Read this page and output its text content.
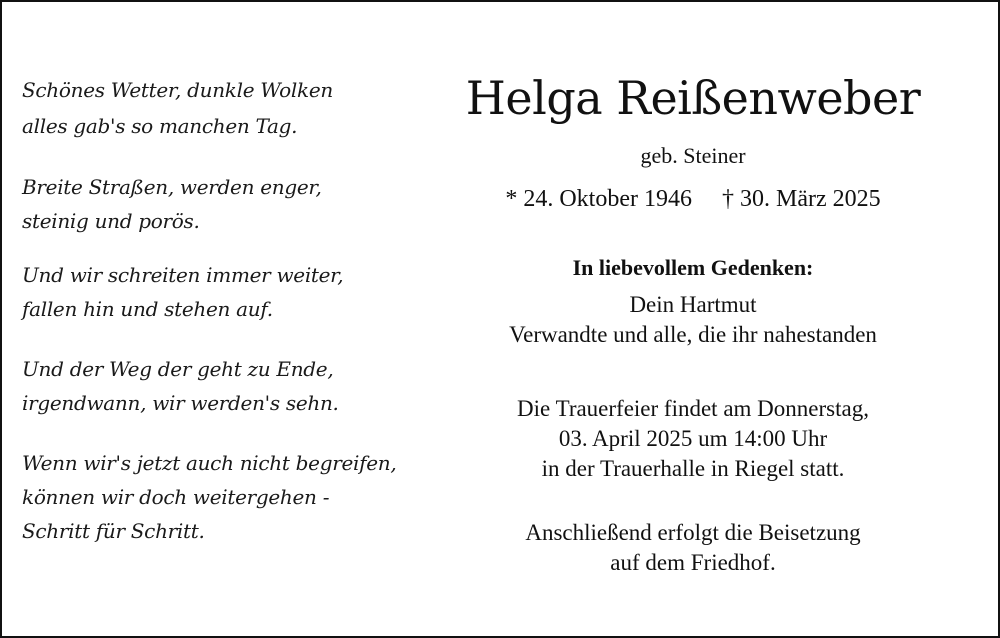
Schönes Wetter, dunkle Wolken
alles gab's so manchen Tag.
Breite Straßen, werden enger,
steinig und porös.
Und wir schreiten immer weiter,
fallen hin und stehen auf.
Und der Weg der geht zu Ende,
irgendwann, wir werden's sehn.
Wenn wir's jetzt auch nicht begreifen,
können wir doch weitergehen -
Schritt für Schritt.
Helga Reißenweber
geb. Steiner
* 24. Oktober 1946 † 30. März 2025
In liebevollem Gedenken:
Dein Hartmut
Verwandte und alle, die ihr nahestanden
Die Trauerfeier findet am Donnerstag,
03. April 2025 um 14:00 Uhr
in der Trauerhalle in Riegel statt.
Anschließend erfolgt die Beisetzung
auf dem Friedhof.
